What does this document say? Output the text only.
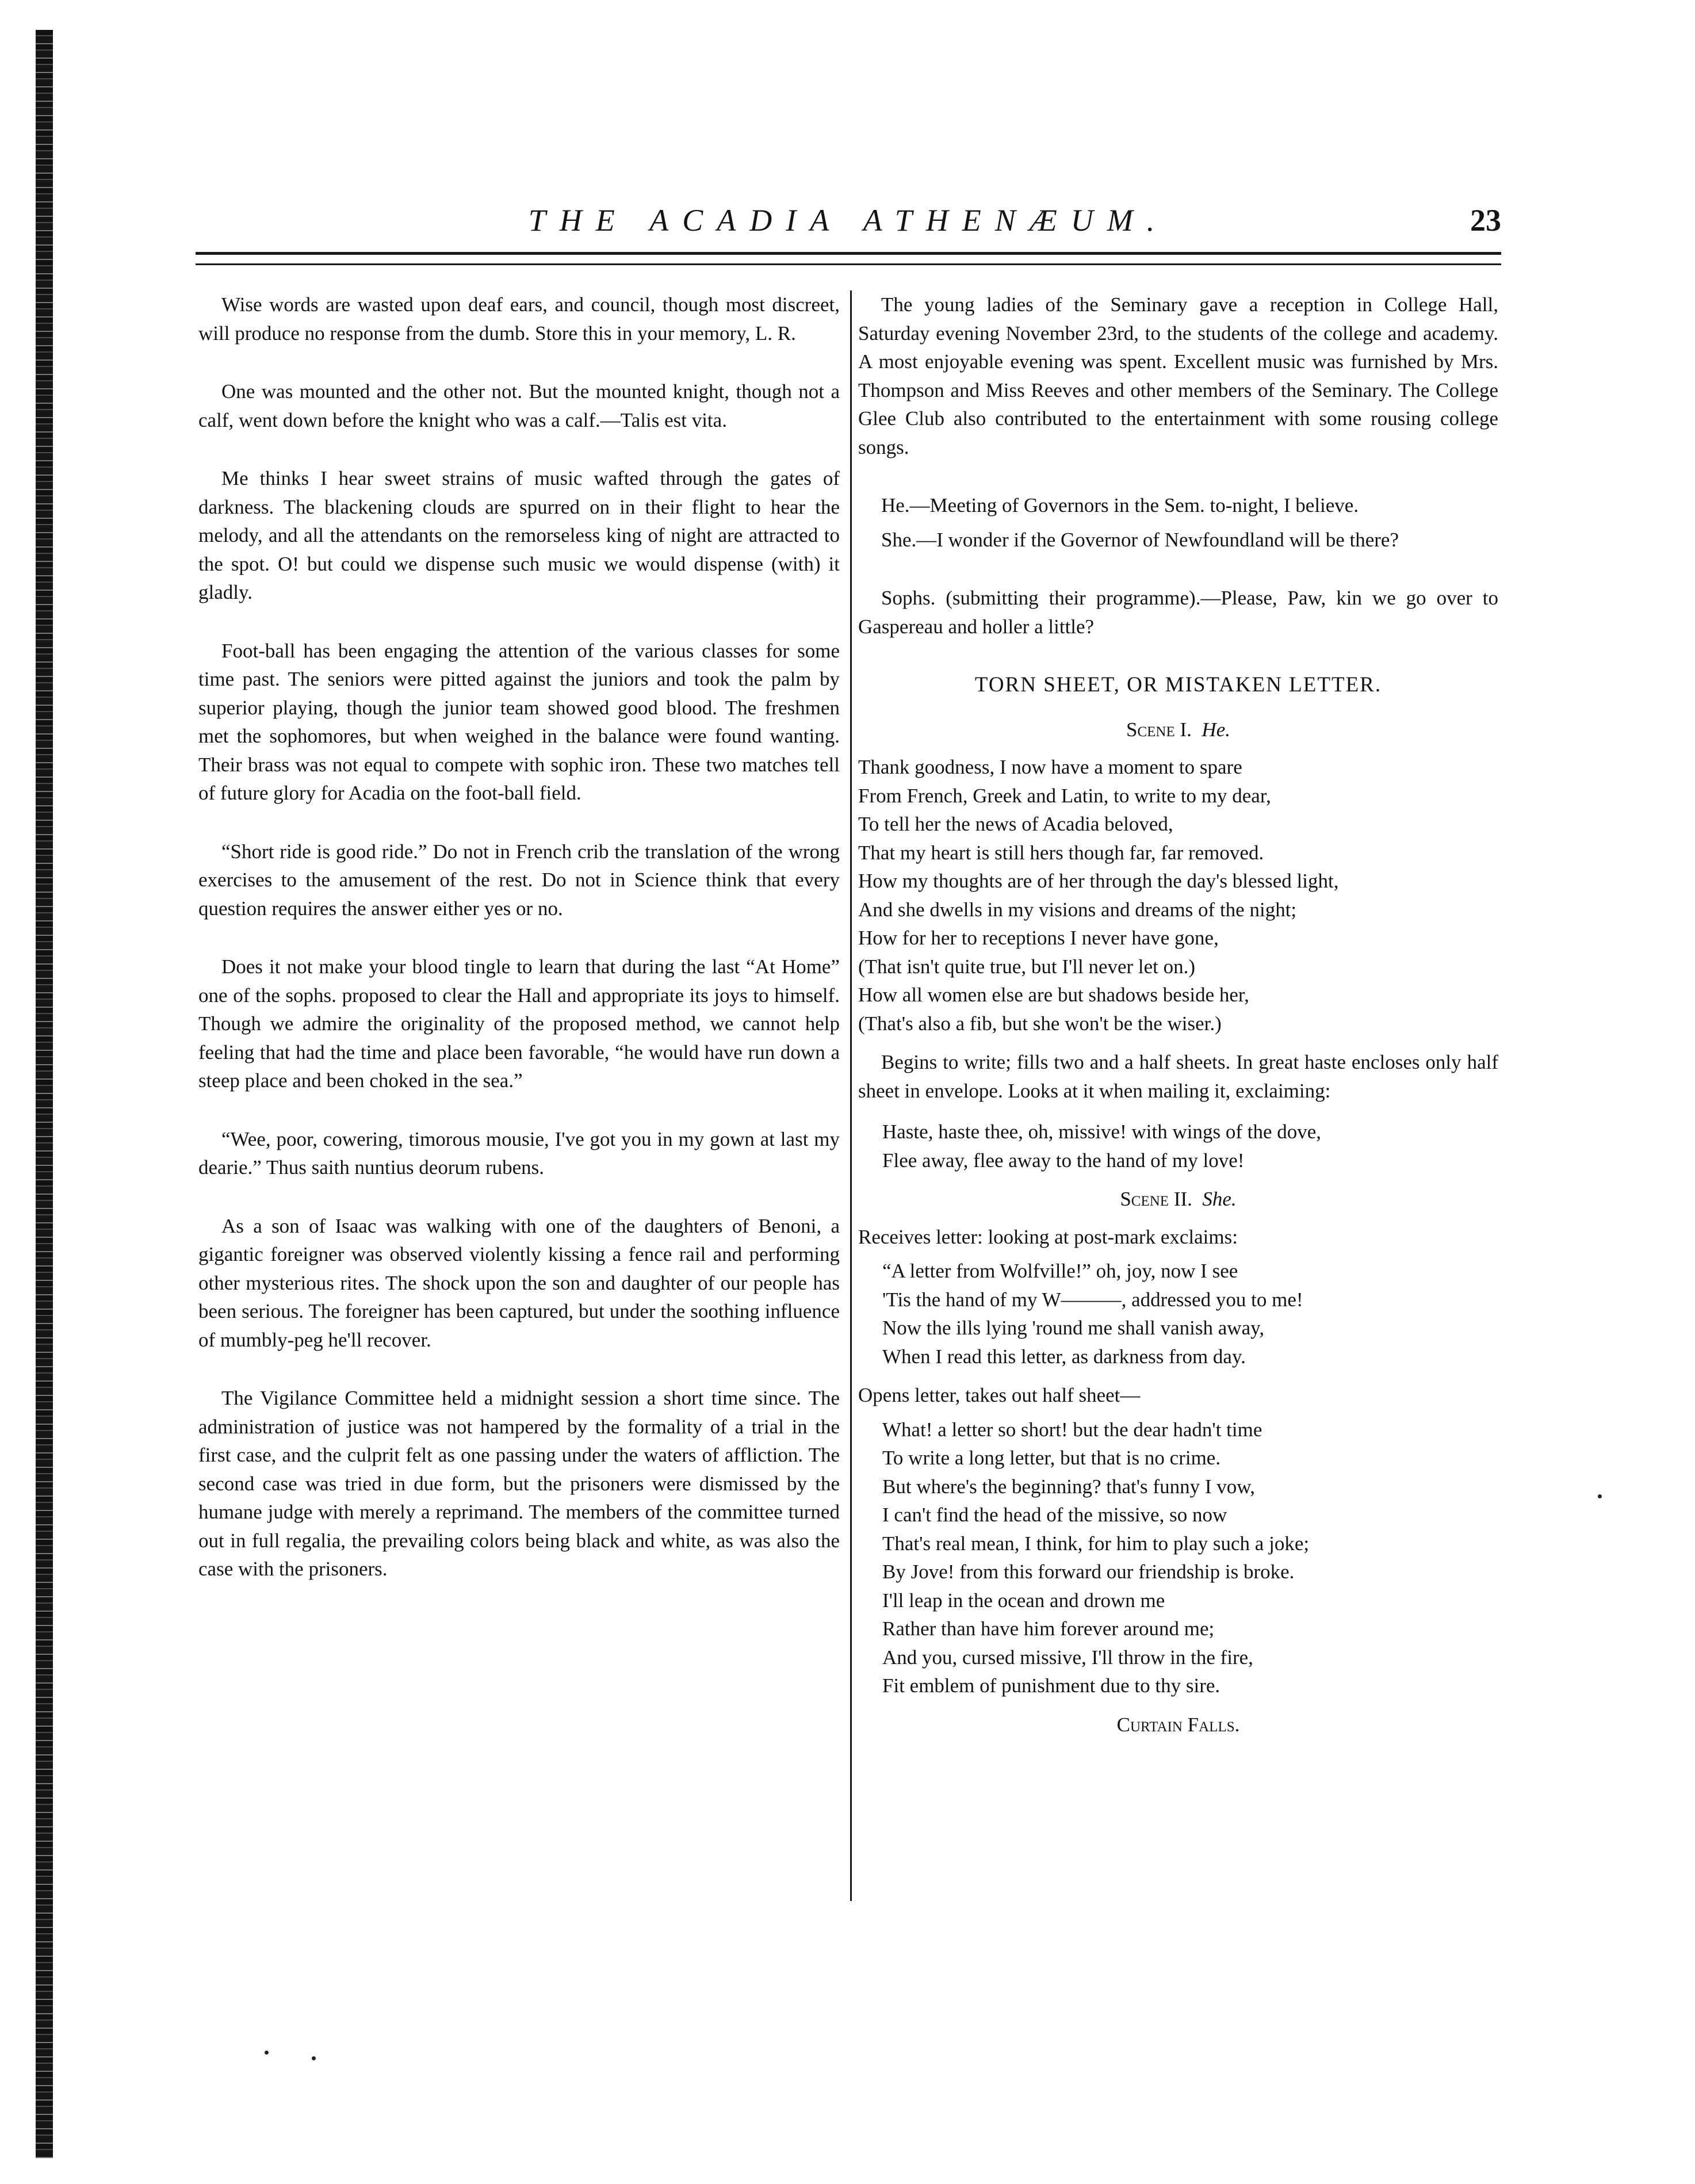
THE ACADIA ATHENÆUM.	23

Wise words are wasted upon deaf ears, and council, though most discreet, will produce no response from the dumb. Store this in your memory, L. R.

One was mounted and the other not. But the mounted knight, though not a calf, went down before the knight who was a calf.—Talis est vita.

Me thinks I hear sweet strains of music wafted through the gates of darkness. The blackening clouds are spurred on in their flight to hear the melody, and all the attendants on the remorseless king of night are attracted to the spot. O! but could we dispense such music we would dispense (with) it gladly.

Foot-ball has been engaging the attention of the various classes for some time past. The seniors were pitted against the juniors and took the palm by superior playing, though the junior team showed good blood. The freshmen met the sophomores, but when weighed in the balance were found wanting. Their brass was not equal to compete with sophic iron. These two matches tell of future glory for Acadia on the foot-ball field.

“Short ride is good ride.” Do not in French crib the translation of the wrong exercises to the amusement of the rest. Do not in Science think that every question requires the answer either yes or no.

Does it not make your blood tingle to learn that during the last “At Home” one of the sophs. proposed to clear the Hall and appropriate its joys to himself. Though we admire the originality of the proposed method, we cannot help feeling that had the time and place been favorable, “he would have run down a steep place and been choked in the sea.”

“Wee, poor, cowering, timorous mousie, I've got you in my gown at last my dearie.” Thus saith nuntius deorum rubens.

As a son of Isaac was walking with one of the daughters of Benoni, a gigantic foreigner was observed violently kissing a fence rail and performing other mysterious rites. The shock upon the son and daughter of our people has been serious. The foreigner has been captured, but under the soothing influence of mumbly-peg he'll recover.

The Vigilance Committee held a midnight session a short time since. The administration of justice was not hampered by the formality of a trial in the first case, and the culprit felt as one passing under the waters of affliction. The second case was tried in due form, but the prisoners were dismissed by the humane judge with merely a reprimand. The members of the committee turned out in full regalia, the prevailing colors being black and white, as was also the case with the prisoners.

The young ladies of the Seminary gave a reception in College Hall, Saturday evening November 23rd, to the students of the college and academy. A most enjoyable evening was spent. Excellent music was furnished by Mrs. Thompson and Miss Reeves and other members of the Seminary. The College Glee Club also contributed to the entertainment with some rousing college songs.

He.—Meeting of Governors in the Sem. to-night, I believe.

She.—I wonder if the Governor of Newfoundland will be there?

Sophs. (submitting their programme).—Please, Paw, kin we go over to Gaspereau and holler a little?

TORN SHEET, OR MISTAKEN LETTER.
Scene I. He.
Thank goodness, I now have a moment to spare
From French, Greek and Latin, to write to my dear,
To tell her the news of Acadia beloved,
That my heart is still hers though far, far removed.
How my thoughts are of her through the day's blessed light,
And she dwells in my visions and dreams of the night;
How for her to receptions I never have gone,
(That isn't quite true, but I'll never let on.)
How all women else are but shadows beside her,
(That's also a fib, but she won't be the wiser.)

Begins to write; fills two and a half sheets. In great haste encloses only half sheet in envelope. Looks at it when mailing it, exclaiming:

Haste, haste thee, oh, missive! with wings of the dove,
Flee away, flee away to the hand of my love!
Scene II. She.

Receives letter: looking at post-mark exclaims:

“A letter from Wolfville!” oh, joy, now I see
'Tis the hand of my W———, addressed you to me!
Now the ills lying 'round me shall vanish away,
When I read this letter, as darkness from day.

Opens letter, takes out half sheet—

What! a letter so short! but the dear hadn't time
To write a long letter, but that is no crime.
But where's the beginning? that's funny I vow,
I can't find the head of the missive, so now
That's real mean, I think, for him to play such a joke;
By Jove! from this forward our friendship is broke.
I'll leap in the ocean and drown me
Rather than have him forever around me;
And you, cursed missive, I'll throw in the fire,
Fit emblem of punishment due to thy sire.
Curtain Falls.
